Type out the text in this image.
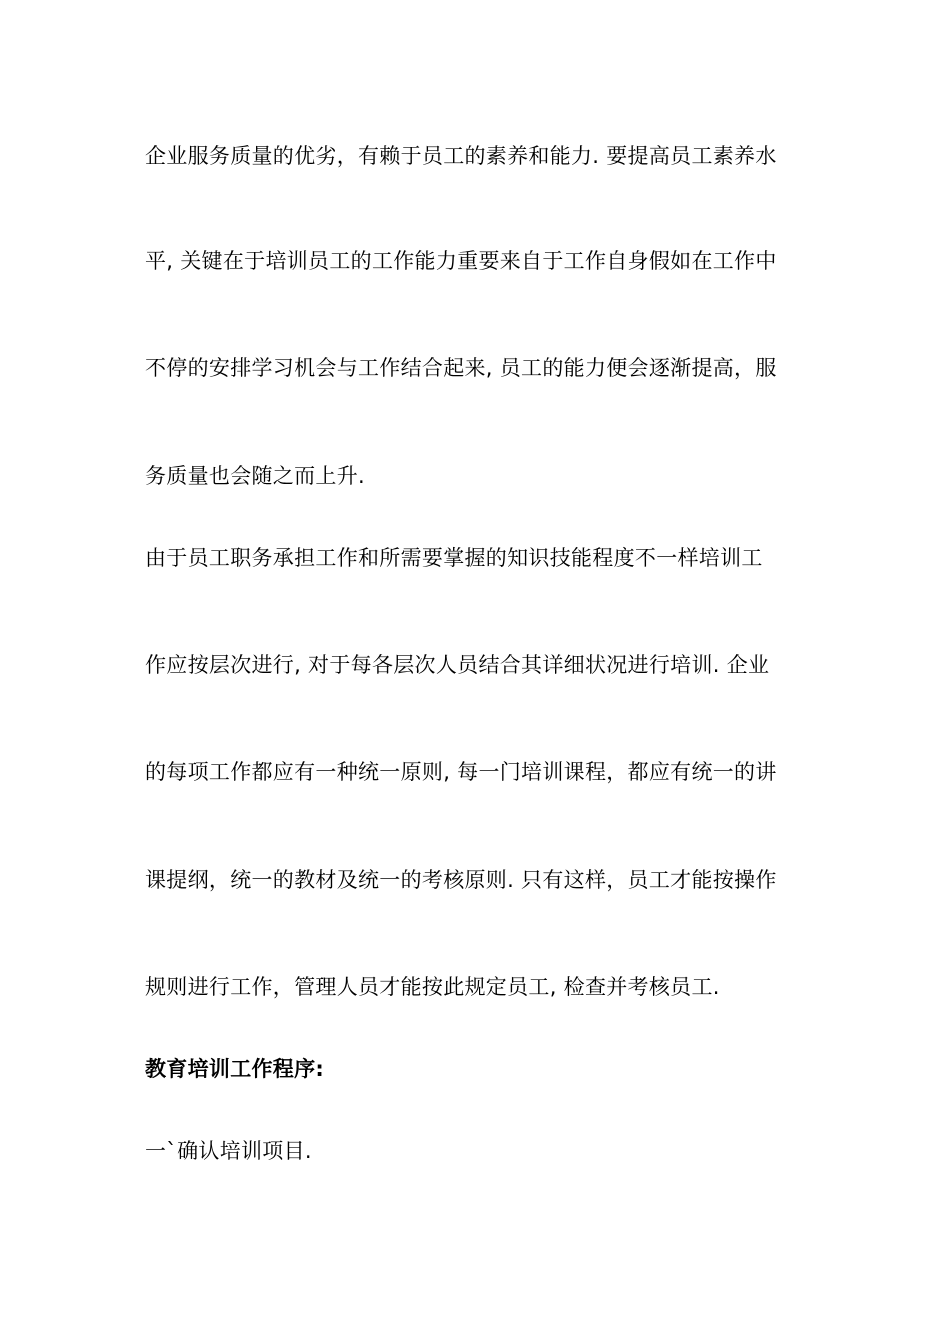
企业服务质量的优劣，有赖于员工的素养和能力. 要提高员工素养水
平, 关键在于培训员工的工作能力重要来自于工作自身假如在工作中
不停的安排学习机会与工作结合起来, 员工的能力便会逐渐提高，服
务质量也会随之而上升.
由于员工职务承担工作和所需要掌握的知识技能程度不一样培训工
作应按层次进行, 对于每各层次人员结合其详细状况进行培训. 企业
的每项工作都应有一种统一原则, 每一门培训课程，都应有统一的讲
课提纲，统一的教材及统一的考核原则. 只有这样，员工才能按操作
规则进行工作，管理人员才能按此规定员工, 检查并考核员工.
教育培训工作程序:
一`确认培训项目.
